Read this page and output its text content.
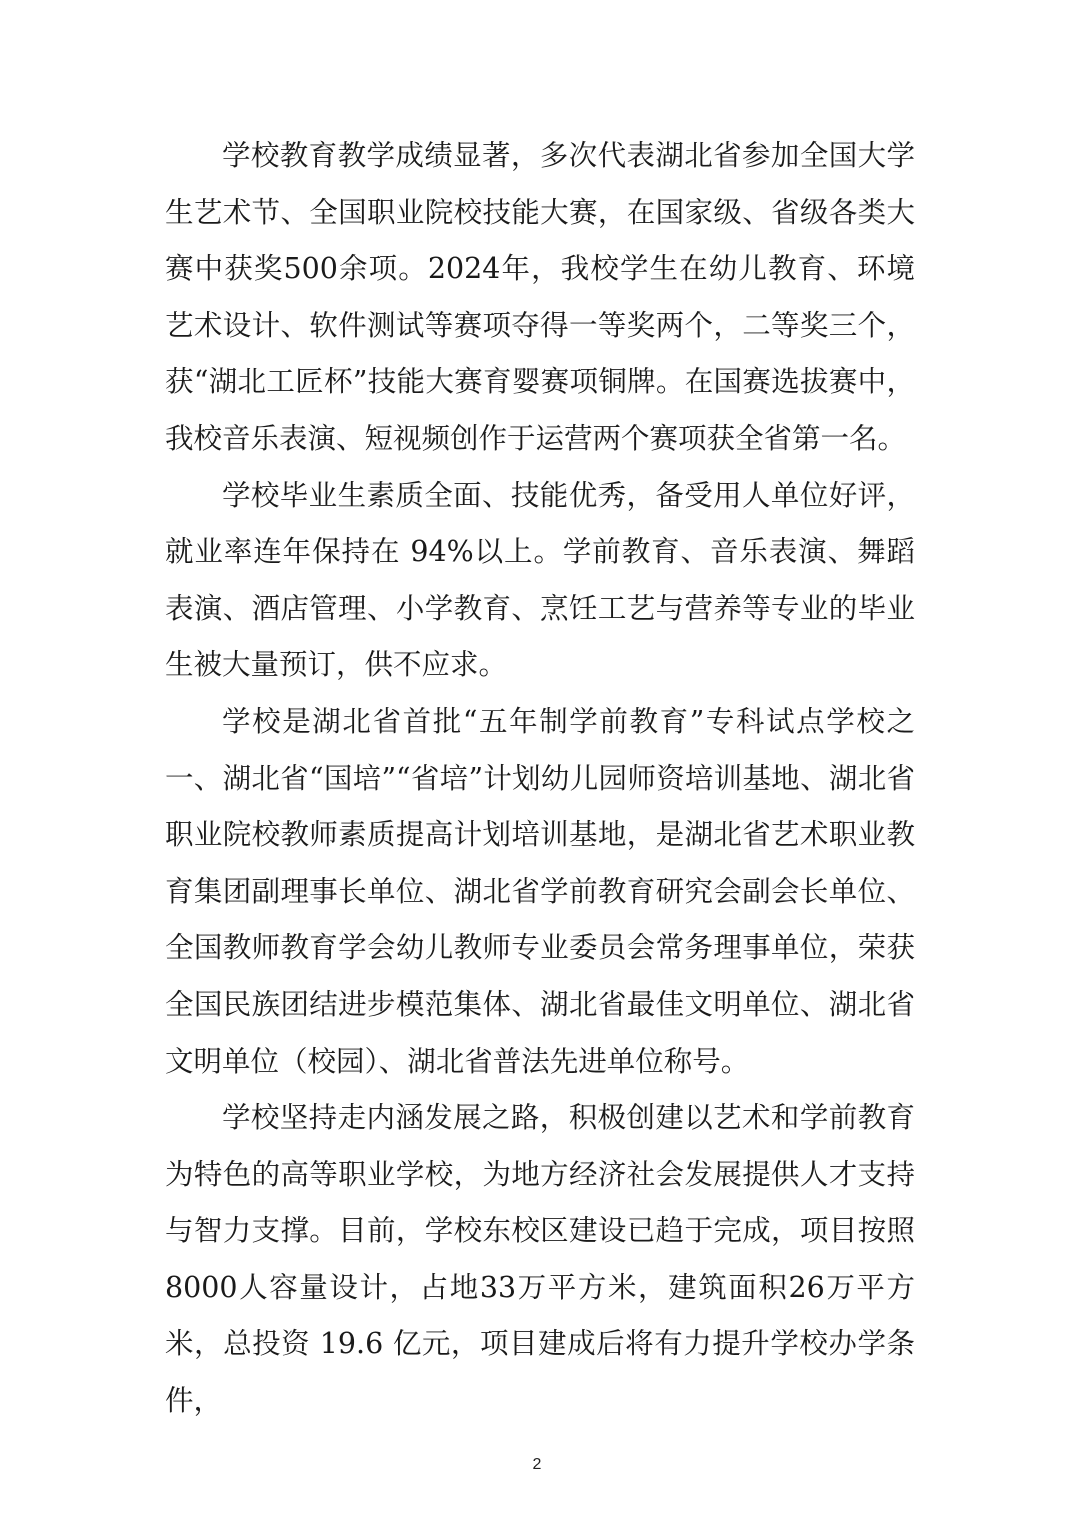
学校教育教学成绩显著，多次代表湖北省参加全国大学生艺术节、全国职业院校技能大赛，在国家级、省级各类大赛中获奖500余项。2024年，我校学生在幼儿教育、环境艺术设计、软件测试等赛项夺得一等奖两个，二等奖三个，获“湖北工匠杯”技能大赛育婴赛项铜牌。在国赛选拔赛中，我校音乐表演、短视频创作于运营两个赛项获全省第一名。

学校毕业生素质全面、技能优秀，备受用人单位好评，就业率连年保持在 94%以上。学前教育、音乐表演、舞蹈表演、酒店管理、小学教育、烹饪工艺与营养等专业的毕业生被大量预订，供不应求。

学校是湖北省首批“五年制学前教育”专科试点学校之一、湖北省“国培”“省培”计划幼儿园师资培训基地、湖北省职业院校教师素质提高计划培训基地，是湖北省艺术职业教育集团副理事长单位、湖北省学前教育研究会副会长单位、全国教师教育学会幼儿教师专业委员会常务理事单位，荣获全国民族团结进步模范集体、湖北省最佳文明单位、湖北省文明单位（校园）、湖北省普法先进单位称号。

学校坚持走内涵发展之路，积极创建以艺术和学前教育为特色的高等职业学校，为地方经济社会发展提供人才支持与智力支撑。目前，学校东校区建设已趋于完成，项目按照8000人容量设计，占地33万平方米，建筑面积26万平方米，总投资 19.6 亿元，项目建成后将有力提升学校办学条件，

2
